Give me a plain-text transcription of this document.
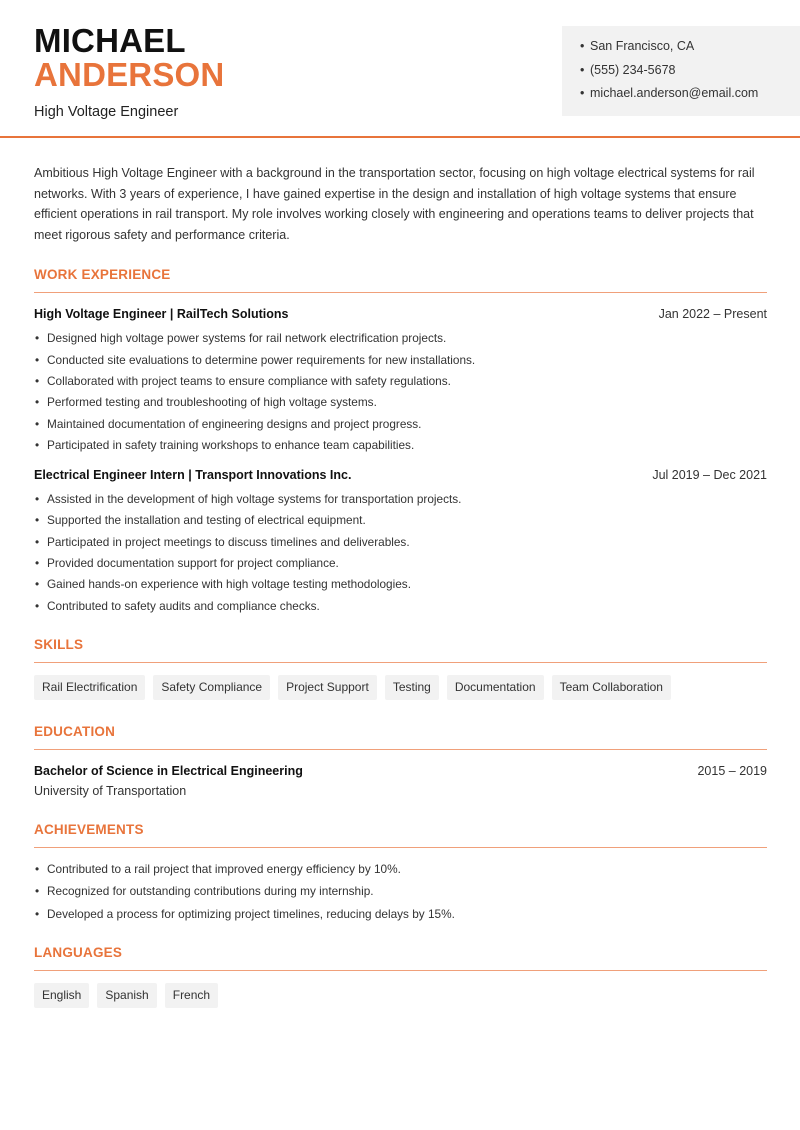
MICHAEL
ANDERSON
High Voltage Engineer
• San Francisco, CA
• (555) 234-5678
• michael.anderson@email.com

Ambitious High Voltage Engineer with a background in the transportation sector, focusing on high voltage electrical systems for rail networks. With 3 years of experience, I have gained expertise in the design and installation of high voltage systems that ensure efficient operations in rail transport. My role involves working closely with engineering and operations teams to deliver projects that meet rigorous safety and performance criteria.

WORK EXPERIENCE
High Voltage Engineer | RailTech Solutions	Jan 2022 – Present
• Designed high voltage power systems for rail network electrification projects.
• Conducted site evaluations to determine power requirements for new installations.
• Collaborated with project teams to ensure compliance with safety regulations.
• Performed testing and troubleshooting of high voltage systems.
• Maintained documentation of engineering designs and project progress.
• Participated in safety training workshops to enhance team capabilities.
Electrical Engineer Intern | Transport Innovations Inc.	Jul 2019 – Dec 2021
• Assisted in the development of high voltage systems for transportation projects.
• Supported the installation and testing of electrical equipment.
• Participated in project meetings to discuss timelines and deliverables.
• Provided documentation support for project compliance.
• Gained hands-on experience with high voltage testing methodologies.
• Contributed to safety audits and compliance checks.
SKILLS
Rail Electrification	Safety Compliance	Project Support	Testing	Documentation	Team Collaboration
EDUCATION
Bachelor of Science in Electrical Engineering	2015 – 2019
University of Transportation
ACHIEVEMENTS
• Contributed to a rail project that improved energy efficiency by 10%.
• Recognized for outstanding contributions during my internship.
• Developed a process for optimizing project timelines, reducing delays by 15%.
LANGUAGES
English	Spanish	French
